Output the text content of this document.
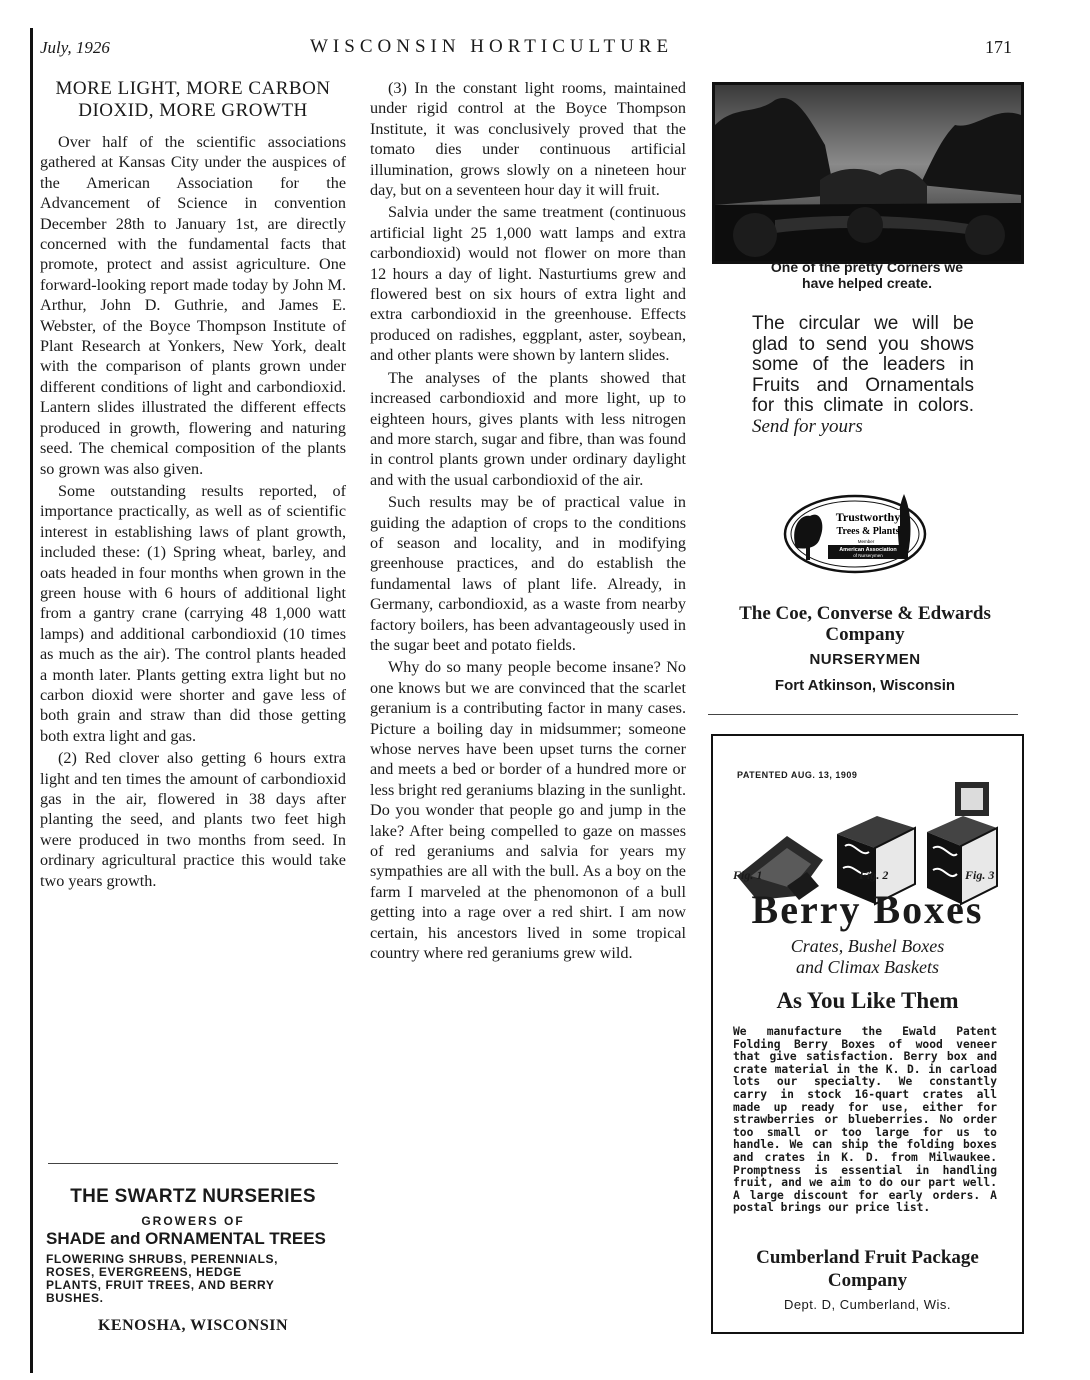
July, 1926	WISCONSIN HORTICULTURE	171
MORE LIGHT, MORE CARBON
DIOXID, MORE GROWTH

Over half of the scientific associations gathered at Kansas City under the auspices of the American Association for the Advancement of Science in convention December 28th to January 1st, are directly concerned with the fundamental facts that promote, protect and assist agriculture. One forward-looking report made today by John M. Arthur, John D. Guthrie, and James E. Webster, of the Boyce Thompson Institute of Plant Research at Yonkers, New York, dealt with the comparison of plants grown under different conditions of light and carbondioxid. Lantern slides illustrated the different effects produced in growth, flowering and naturing seed. The chemical composition of the plants so grown was also given.

Some outstanding results reported, of importance practically, as well as of scientific interest in establishing laws of plant growth, included these: (1) Spring wheat, barley, and oats headed in four months when grown in the green house with 6 hours of additional light from a gantry crane (carrying 48 1,000 watt lamps) and additional carbondioxid (10 times as much as the air). The control plants headed a month later. Plants getting extra light but no carbon dioxid were shorter and gave less of both grain and straw than did those getting both extra light and gas.

(2) Red clover also getting 6 hours extra light and ten times the amount of carbondioxid gas in the air, flowered in 38 days after planting the seed, and plants two feet high were produced in two months from seed. In ordinary agricultural practice this would take two years growth.

THE SWARTZ NURSERIES
GROWERS OF
SHADE and ORNAMENTAL TREES
FLOWERING SHRUBS, PERENNIALS,
ROSES, EVERGREENS, HEDGE
PLANTS, FRUIT TREES, AND BERRY
BUSHES.
KENOSHA, WISCONSIN

(3) In the constant light rooms, maintained under rigid control at the Boyce Thompson Institute, it was conclusively proved that the tomato dies under continuous artificial illumination, grows slowly on a nineteen hour day, but on a seventeen hour day it will fruit.

Salvia under the same treatment (continuous artificial light 25 1,000 watt lamps and extra carbondioxid) would not flower on more than 12 hours a day of light. Nasturtiums grew and flowered best on six hours of extra light and extra carbondioxid in the greenhouse. Effects produced on radishes, eggplant, aster, soybean, and other plants were shown by lantern slides.

The analyses of the plants showed that increased carbondioxid and more light, up to eighteen hours, gives plants with less nitrogen and more starch, sugar and fibre, than was found in control plants grown under ordinary daylight and with the usual carbondioxid of the air.

Such results may be of practical value in guiding the adaption of crops to the conditions of season and locality, and in modifying greenhouse practices, and do establish the fundamental laws of plant life. Already, in Germany, carbondioxid, as a waste from nearby factory boilers, has been advantageously used in the sugar beet and potato fields.

Why do so many people become insane? No one knows but we are convinced that the scarlet geranium is a contributing factor in many cases. Picture a boiling day in midsummer; someone whose nerves have been upset turns the corner and meets a bed or border of a hundred more or less bright red geraniums blazing in the sunlight. Do you wonder that people go and jump in the lake? After being compelled to gaze on masses of red geraniums and salvia for years my sympathies are all with the bull. As a boy on the farm I marveled at the phenomonon of a bull getting into a rage over a red shirt. I am now certain, his ancestors lived in some tropical country where red geraniums grew wild.

One of the pretty Corners we
have helped create.
The circular we will be glad to send you shows some of the leaders in Fruits and Ornamentals for this climate in colors. Send for yours
Trustworthy
Trees & Plants
Member
American Association
of Nurserymen
The Coe, Converse & Edwards
Company
NURSERYMEN
Fort Atkinson, Wisconsin
PATENTED AUG. 13, 1909
Fig. 1	Fig. 2	Fig. 3
Berry Boxes
Crates, Bushel Boxes
and Climax Baskets
As You Like Them
We manufacture the Ewald Patent Folding Berry Boxes of wood veneer that give satisfaction. Berry box and crate material in the K. D. in carload lots our specialty. We constantly carry in stock 16-quart crates all made up ready for use, either for strawberries or blueberries. No order too small or too large for us to handle. We can ship the folding boxes and crates in K. D. from Milwaukee. Promptness is essential in handling fruit, and we aim to do our part well. A large discount for early orders. A postal brings our price list.
Cumberland Fruit Package
Company
Dept. D, Cumberland, Wis.
